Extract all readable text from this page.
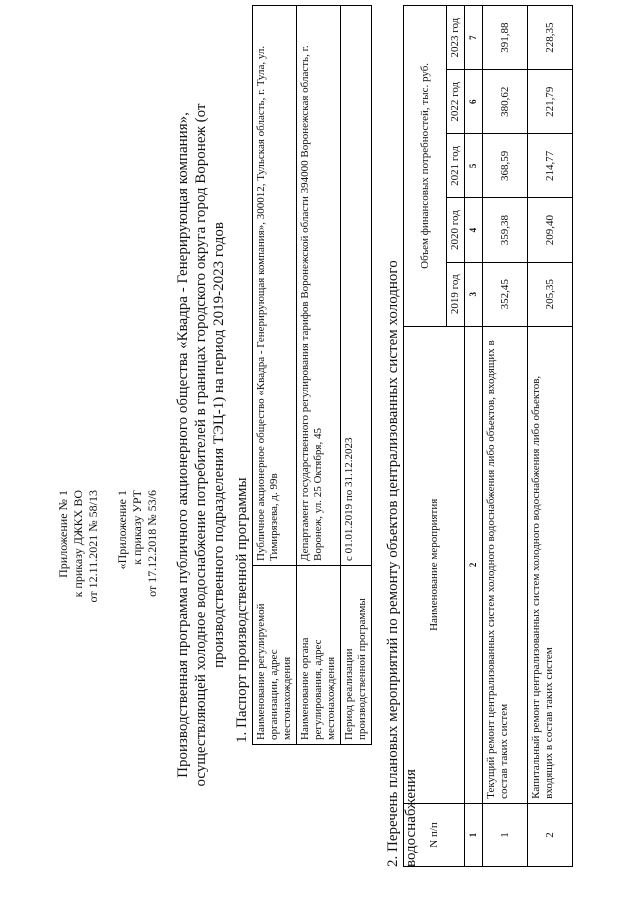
Приложение № 1 к приказу ДЖКХ ВО от 12.11.2021 № 58/13 «Приложение 1 к приказу УРТ от 17.12.2018 № 53/6 Производственная программа публичного акционерного общества «Квадра - Генерирующая компания», осуществляющей холодное водоснабжение потребителей в границах городского округа город Воронеж (от производственного подразделения ТЭЦ-1) на период 2019-2023 годов 1. Паспорт производственной программы Наименование регулируемой организации, адрес местонахождения	Публичное акционерное общество «Квадра - Генерирующая компания», 300012, Тульская область, г. Тула, ул. Тимирязева, д. 99в
Наименование органа регулирования, адрес местонахождения	Департамент государственного регулирования тарифов Воронежской области 394000 Воронежская область, г. Воронеж, ул. 25 Октября, 45
Период реализации производственной программы	с 01.01.2019 по 31.12.2023 2. Перечень плановых мероприятий по ремонту объектов централизованных систем холодного водоснабжения N п/п	Наименование мероприятия	Объем финансовых потребностей, тыс. руб.				
		2019 год	2020 год	2021 год	2022 год	2023 год
1	2	3	4	5	6	7
1	Текущий ремонт централизованных систем холодного водоснабжения либо объектов, входящих в состав таких систем	352,45	359,38	368,59	380,62	391,88
2	Капитальный ремонт централизованных систем холодного водоснабжения либо объектов, входящих в состав таких систем	205,35	209,40	214,77	221,79	228,35
